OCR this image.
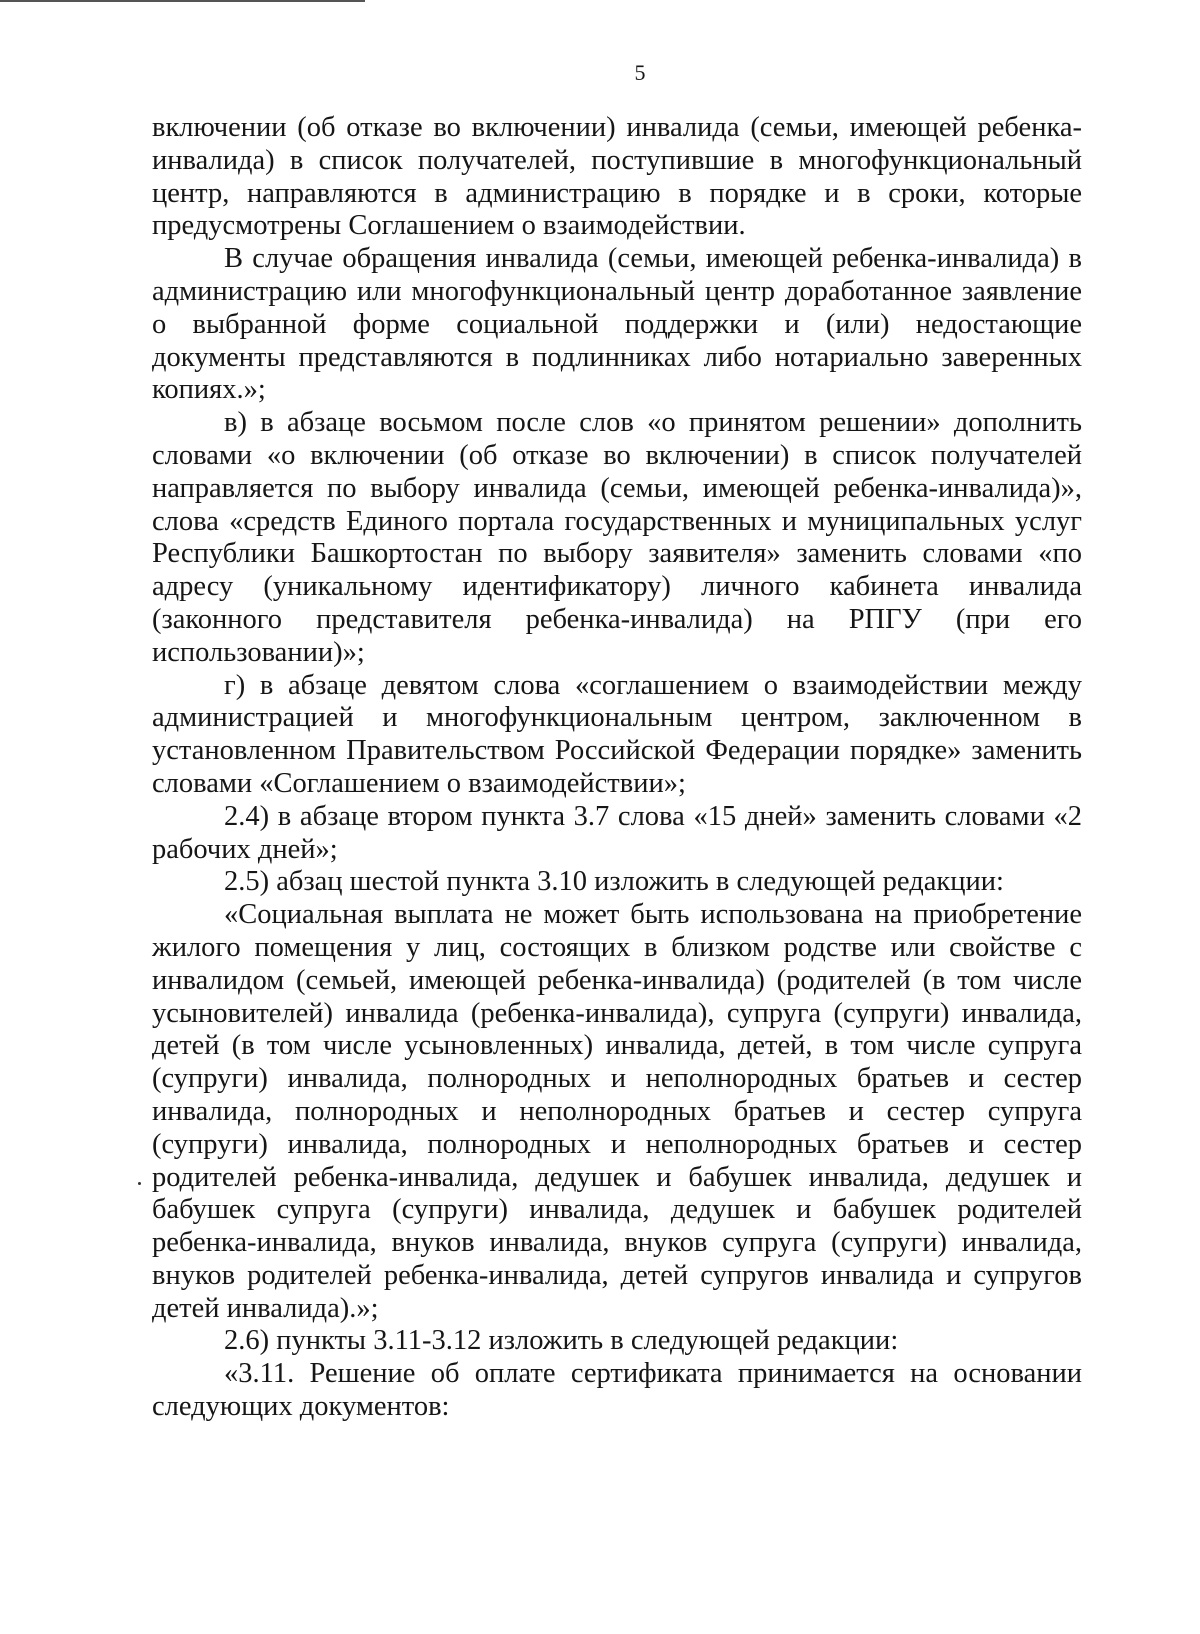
5

включении (об отказе во включении) инвалида (семьи, имеющей ребенка-инвалида) в список получателей, поступившие в многофункциональный центр, направляются в администрацию в порядке и в сроки, которые предусмотрены Соглашением о взаимодействии.

В случае обращения инвалида (семьи, имеющей ребенка-инвалида) в администрацию или многофункциональный центр доработанное заявление о выбранной форме социальной поддержки и (или) недостающие документы представляются в подлинниках либо нотариально заверенных копиях.»;

в) в абзаце восьмом после слов «о принятом решении» дополнить словами «о включении (об отказе во включении) в список получателей направляется по выбору инвалида (семьи, имеющей ребенка-инвалида)», слова «средств Единого портала государственных и муниципальных услуг Республики Башкортостан по выбору заявителя» заменить словами «по адресу (уникальному идентификатору) личного кабинета инвалида (законного представителя ребенка-инвалида) на РПГУ (при его использовании)»;

г) в абзаце девятом слова «соглашением о взаимодействии между администрацией и многофункциональным центром, заключенном в установленном Правительством Российской Федерации порядке» заменить словами «Соглашением о взаимодействии»;

2.4) в абзаце втором пункта 3.7 слова «15 дней» заменить словами «2 рабочих дней»;

2.5) абзац шестой пункта 3.10 изложить в следующей редакции:

«Социальная выплата не может быть использована на приобретение жилого помещения у лиц, состоящих в близком родстве или свойстве с инвалидом (семьей, имеющей ребенка-инвалида) (родителей (в том числе усыновителей) инвалида (ребенка-инвалида), супруга (супруги) инвалида, детей (в том числе усыновленных) инвалида, детей, в том числе супруга (супруги) инвалида, полнородных и неполнородных братьев и сестер инвалида, полнородных и неполнородных братьев и сестер супруга (супруги) инвалида, полнородных и неполнородных братьев и сестер родителей ребенка-инвалида, дедушек и бабушек инвалида, дедушек и бабушек супруга (супруги) инвалида, дедушек и бабушек родителей ребенка-инвалида, внуков инвалида, внуков супруга (супруги) инвалида, внуков родителей ребенка-инвалида, детей супругов инвалида и супругов детей инвалида).»;

2.6) пункты 3.11-3.12 изложить в следующей редакции:

«3.11. Решение об оплате сертификата принимается на основании следующих документов:
